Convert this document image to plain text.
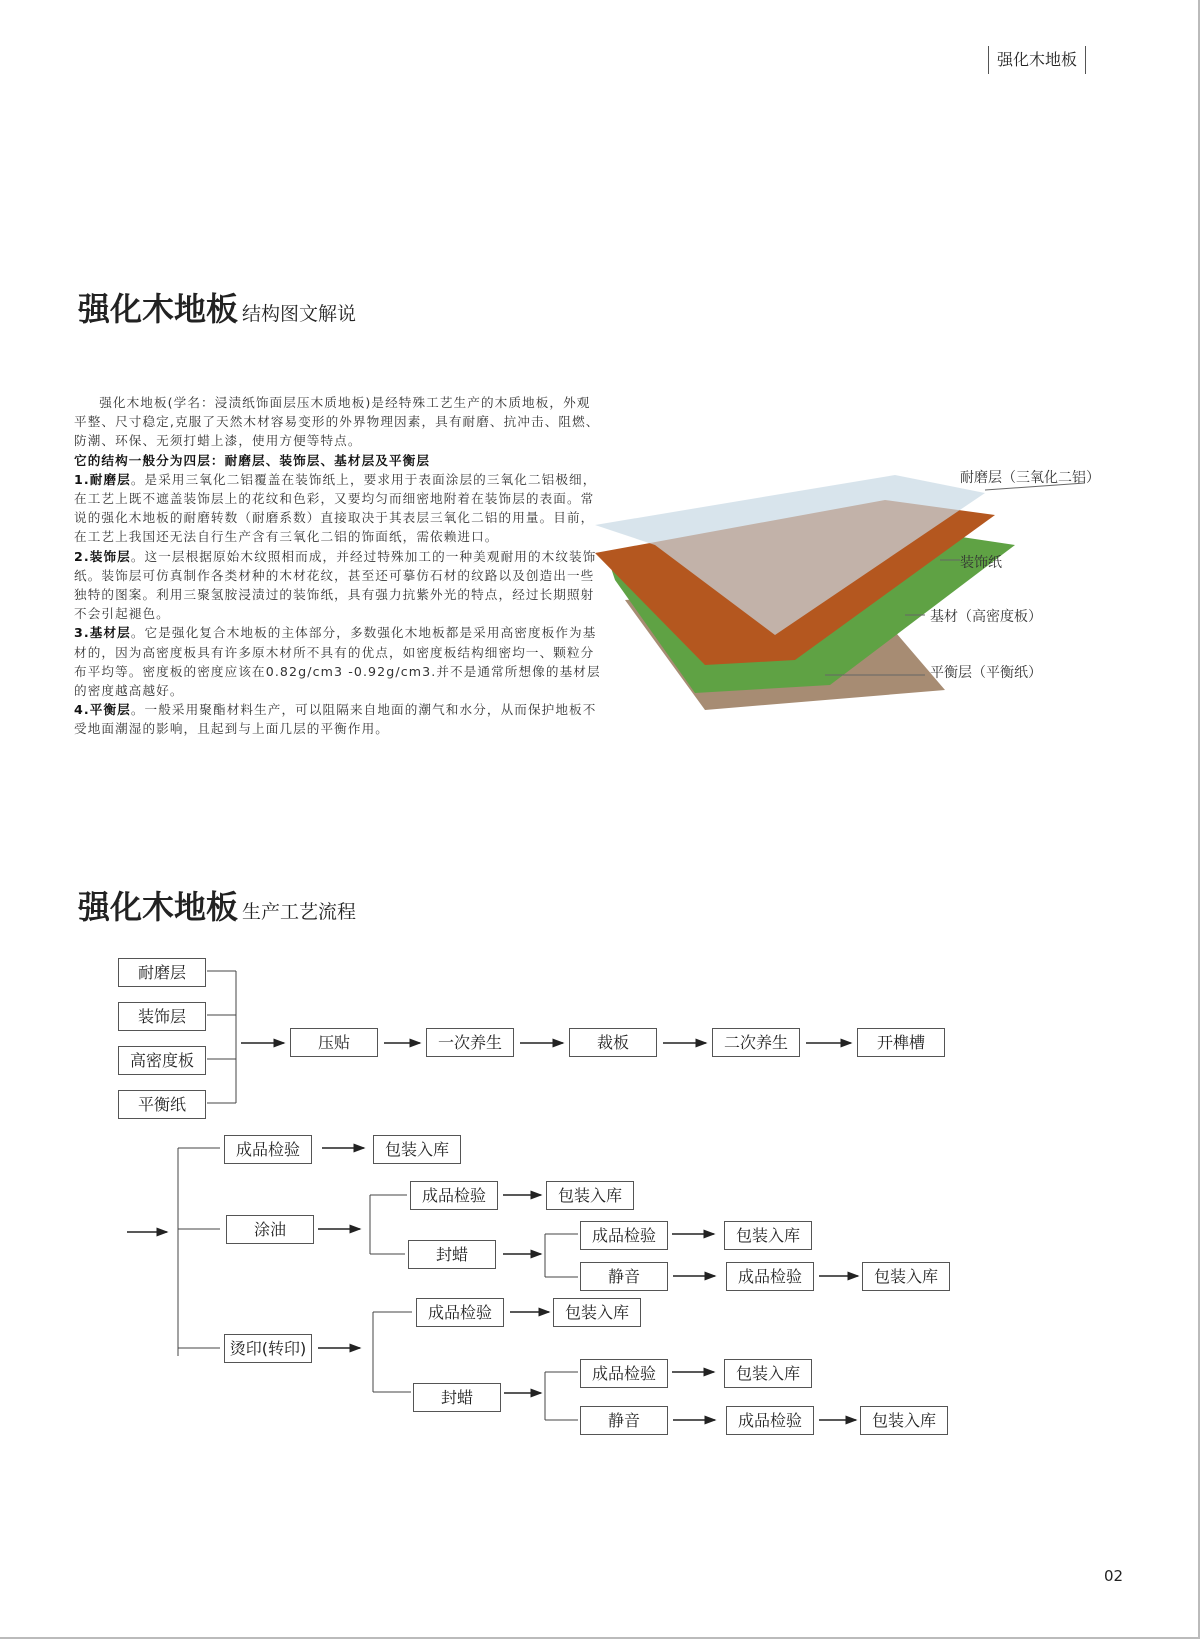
强化木地板
强化木地板 结构图文解说

强化木地板(学名：浸渍纸饰面层压木质地板)是经特殊工艺生产的木质地板，外观平整、尺寸稳定,克服了天然木材容易变形的外界物理因素，具有耐磨、抗冲击、阻燃、防潮、环保、无须打蜡上漆，使用方便等特点。

它的结构一般分为四层：耐磨层、装饰层、基材层及平衡层

1.耐磨层。是采用三氧化二铝覆盖在装饰纸上，要求用于表面涂层的三氧化二铝极细，在工艺上既不遮盖装饰层上的花纹和色彩，又要均匀而细密地附着在装饰层的表面。常说的强化木地板的耐磨转数（耐磨系数）直接取决于其表层三氧化二铝的用量。目前，在工艺上我国还无法自行生产含有三氧化二铝的饰面纸，需依赖进口。

2.装饰层。这一层根据原始木纹照相而成，并经过特殊加工的一种美观耐用的木纹装饰纸。装饰层可仿真制作各类材种的木材花纹，甚至还可摹仿石材的纹路以及创造出一些独特的图案。利用三聚氢胺浸渍过的装饰纸，具有强力抗紫外光的特点，经过长期照射不会引起褪色。

3.基材层。它是强化复合木地板的主体部分，多数强化木地板都是采用高密度板作为基材的，因为高密度板具有许多原木材所不具有的优点，如密度板结构细密均一、颗粒分布平均等。密度板的密度应该在0.82g/cm3 -0.92g/cm3.并不是通常所想像的基材层的密度越高越好。

4.平衡层。一般采用聚酯材料生产，可以阻隔来自地面的潮气和水分，从而保护地板不受地面潮湿的影响，且起到与上面几层的平衡作用。

耐磨层（三氧化二铝）
装饰纸
基材（高密度板）
平衡层（平衡纸）
强化木地板 生产工艺流程
耐磨层
装饰层
高密度板
平衡纸
压贴	一次养生	裁板	二次养生	开榫槽
成品检验	包装入库
涂油
成品检验	包装入库
封蜡
成品检验	包装入库
静音	成品检验	包装入库
烫印(转印)
成品检验	包装入库
封蜡
成品检验	包装入库
静音	成品检验	包装入库
02
